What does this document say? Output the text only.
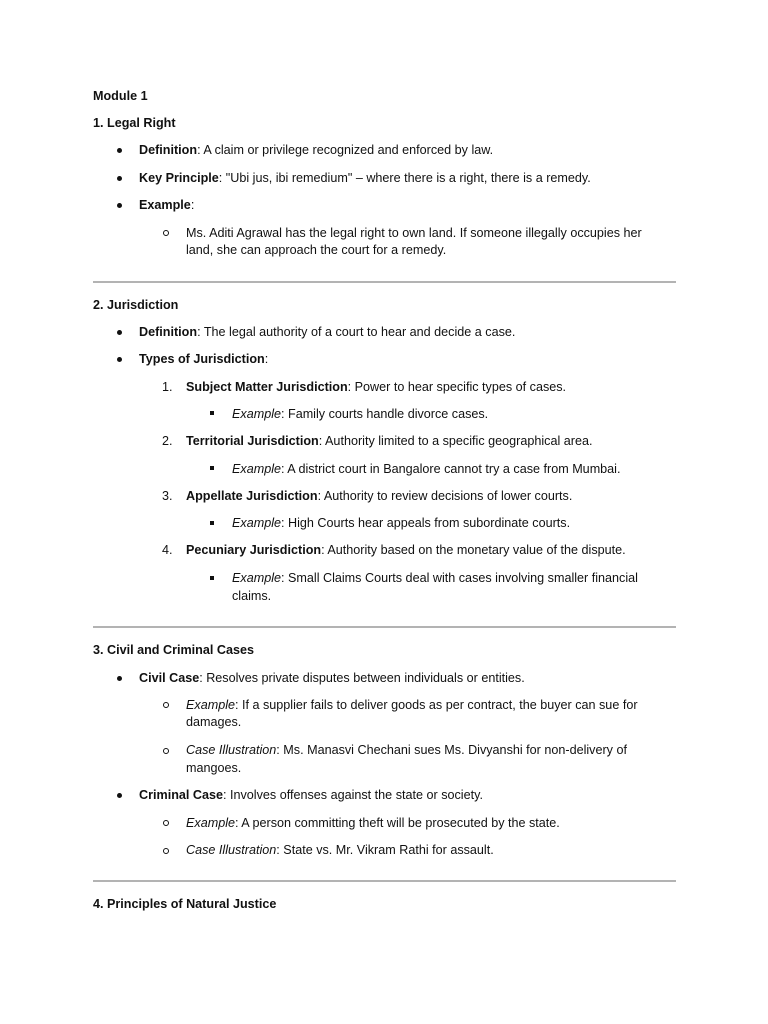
Module 1
1. Legal Right
Definition: A claim or privilege recognized and enforced by law.
Key Principle: "Ubi jus, ibi remedium" – where there is a right, there is a remedy.
Example:
Ms. Aditi Agrawal has the legal right to own land. If someone illegally occupies her
land, she can approach the court for a remedy.
2. Jurisdiction
Definition: The legal authority of a court to hear and decide a case.
Types of Jurisdiction:
1. Subject Matter Jurisdiction: Power to hear specific types of cases.
Example: Family courts handle divorce cases.
2. Territorial Jurisdiction: Authority limited to a specific geographical area.
Example: A district court in Bangalore cannot try a case from Mumbai.
3. Appellate Jurisdiction: Authority to review decisions of lower courts.
Example: High Courts hear appeals from subordinate courts.
4. Pecuniary Jurisdiction: Authority based on the monetary value of the dispute.
Example: Small Claims Courts deal with cases involving smaller financial
claims.
3. Civil and Criminal Cases
Civil Case: Resolves private disputes between individuals or entities.
Example: If a supplier fails to deliver goods as per contract, the buyer can sue for
damages.
Case Illustration: Ms. Manasvi Chechani sues Ms. Divyanshi for non-delivery of
mangoes.
Criminal Case: Involves offenses against the state or society.
Example: A person committing theft will be prosecuted by the state.
Case Illustration: State vs. Mr. Vikram Rathi for assault.
4. Principles of Natural Justice
